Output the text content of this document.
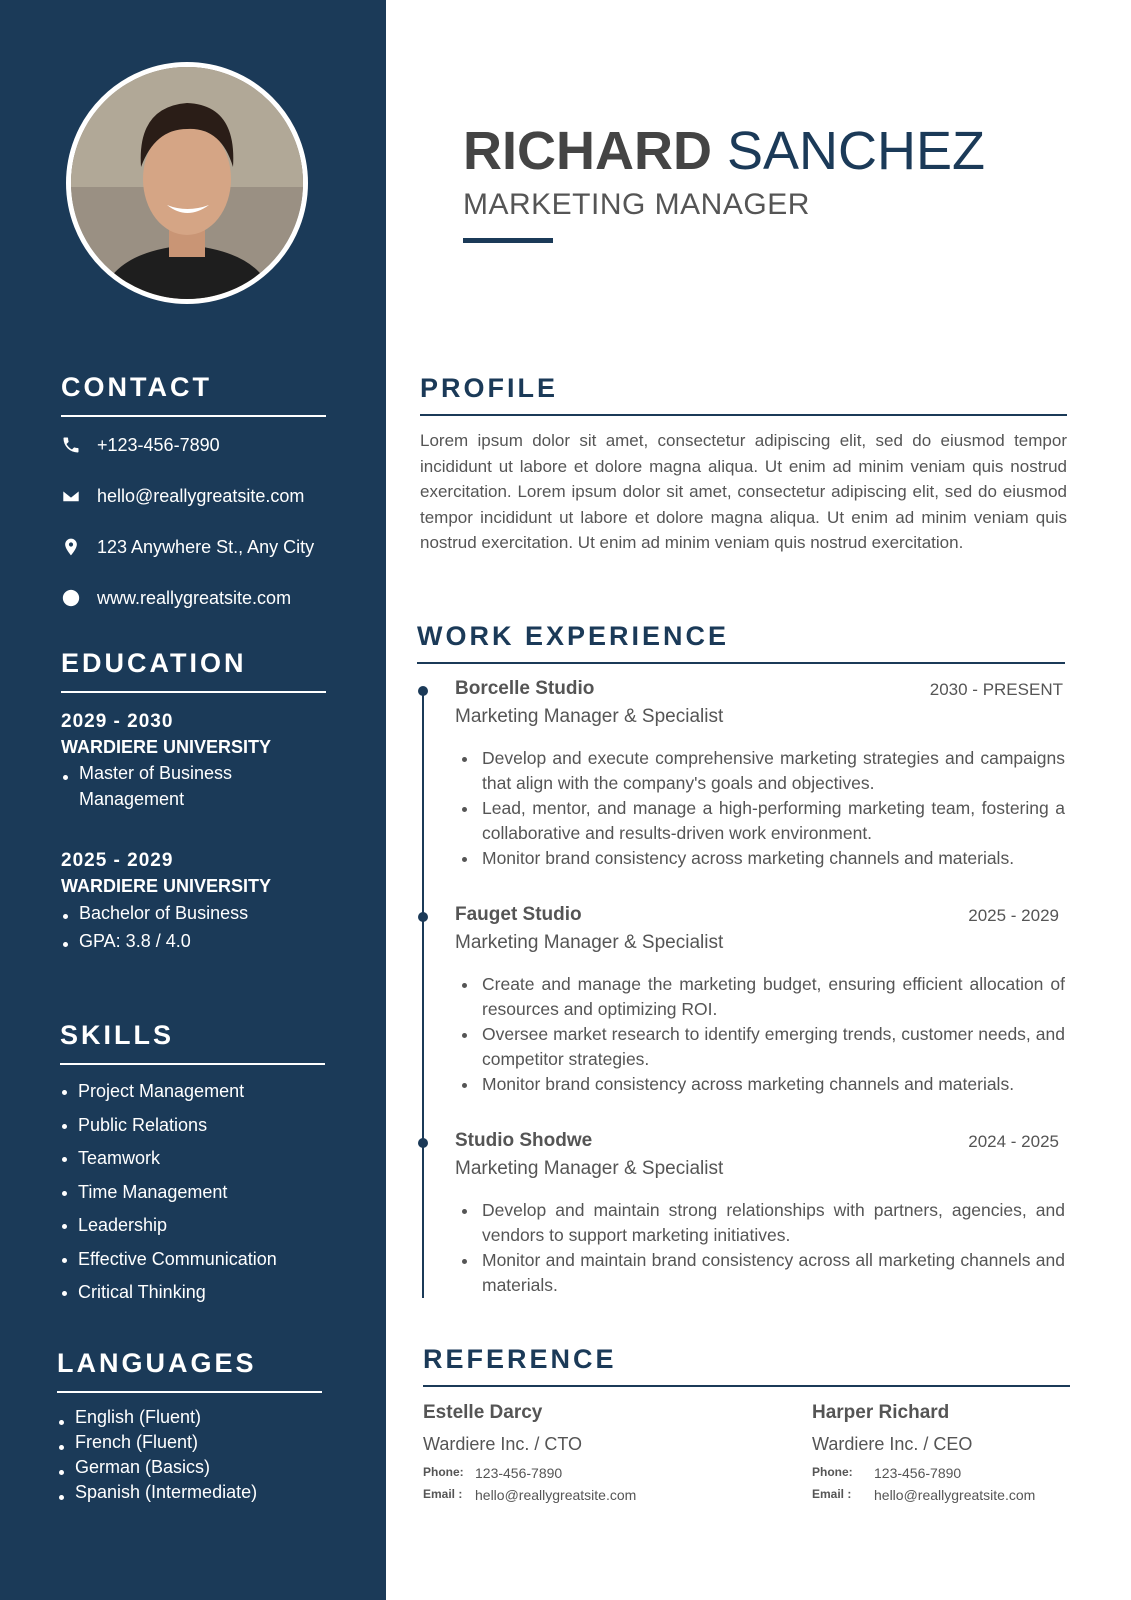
CONTACT
+123-456-7890
hello@reallygreatsite.com
123 Anywhere St., Any City
www.reallygreatsite.com
EDUCATION
2029 - 2030
WARDIERE UNIVERSITY
Master of Business Management
2025 - 2029
WARDIERE UNIVERSITY
Bachelor of Business
GPA: 3.8 / 4.0
SKILLS
Project Management
Public Relations
Teamwork
Time Management
Leadership
Effective Communication
Critical Thinking
LANGUAGES
English (Fluent)
French (Fluent)
German (Basics)
Spanish (Intermediate)
RICHARD SANCHEZ
MARKETING MANAGER
PROFILE

Lorem ipsum dolor sit amet, consectetur adipiscing elit, sed do eiusmod tempor incididunt ut labore et dolore magna aliqua. Ut enim ad minim veniam quis nostrud exercitation. Lorem ipsum dolor sit amet, consectetur adipiscing elit, sed do eiusmod tempor incididunt ut labore et dolore magna aliqua. Ut enim ad minim veniam quis nostrud exercitation. Ut enim ad minim veniam quis nostrud exercitation.

WORK EXPERIENCE
Borcelle Studio	2030 - PRESENT
Marketing Manager & Specialist
Develop and execute comprehensive marketing strategies and campaigns that align with the company's goals and objectives.
Lead, mentor, and manage a high-performing marketing team, fostering a collaborative and results-driven work environment.
Monitor brand consistency across marketing channels and materials.
Fauget Studio	2025 - 2029
Marketing Manager & Specialist
Create and manage the marketing budget, ensuring efficient allocation of resources and optimizing ROI.
Oversee market research to identify emerging trends, customer needs, and competitor strategies.
Monitor brand consistency across marketing channels and materials.
Studio Shodwe	2024 - 2025
Marketing Manager & Specialist
Develop and maintain strong relationships with partners, agencies, and vendors to support marketing initiatives.
Monitor and maintain brand consistency across all marketing channels and materials.
REFERENCE
Estelle Darcy
Wardiere Inc. / CTO
Phone: 123-456-7890
Email : hello@reallygreatsite.com
Harper Richard
Wardiere Inc. / CEO
Phone:	123-456-7890
Email :	hello@reallygreatsite.com
